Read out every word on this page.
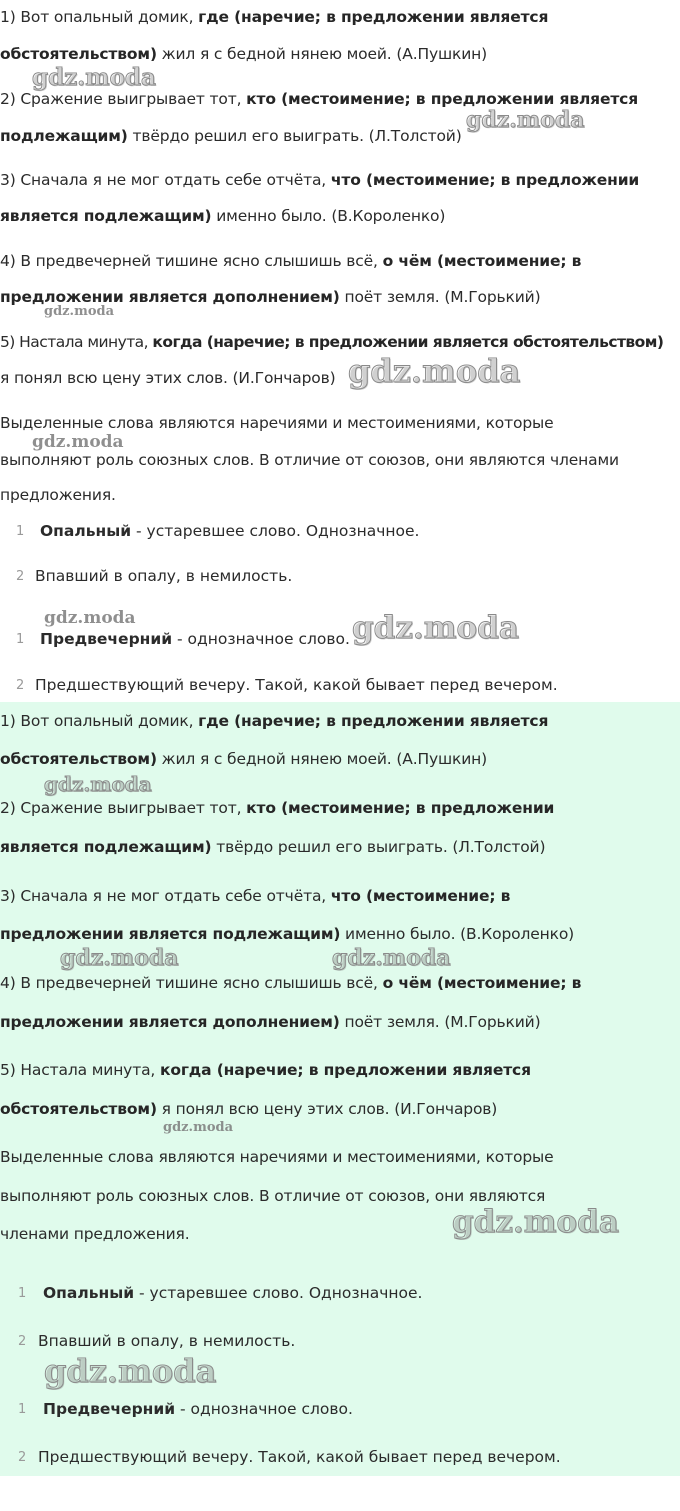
1) Вот опальный домик, где (наречие; в предложении является
обстоятельством) жил я с бедной нянею моей. (А.Пушкин)
2) Сражение выигрывает тот, кто (местоимение; в предложении является
подлежащим) твёрдо решил его выиграть. (Л.Толстой)
3) Сначала я не мог отдать себе отчёта, что (местоимение; в предложении
является подлежащим) именно было. (В.Короленко)
4) В предвечерней тишине ясно слышишь всё, о чём (местоимение; в
предложении является дополнением) поёт земля. (М.Горький)
5) Настала минута, когда (наречие; в предложении является обстоятельством)
я понял всю цену этих слов. (И.Гончаров)
Выделенные слова являются наречиями и местоимениями, которые
выполняют роль союзных слов. В отличие от союзов, они являются членами
предложения.
1 Опальный - устаревшее слово. Однозначное.
2 Впавший в опалу, в немилость.
1 Предвечерний - однозначное слово.
2 Предшествующий вечеру. Такой, какой бывает перед вечером.
gdz.moda
gdz.moda
gdz.moda
gdz.moda
gdz.moda
gdz.moda	gdz.moda
1) Вот опальный домик, где (наречие; в предложении является
обстоятельством) жил я с бедной нянею моей. (А.Пушкин)
2) Сражение выигрывает тот, кто (местоимение; в предложении
является подлежащим) твёрдо решил его выиграть. (Л.Толстой)
3) Сначала я не мог отдать себе отчёта, что (местоимение; в
предложении является подлежащим) именно было. (В.Короленко)
4) В предвечерней тишине ясно слышишь всё, о чём (местоимение; в
предложении является дополнением) поёт земля. (М.Горький)
5) Настала минута, когда (наречие; в предложении является
обстоятельством) я понял всю цену этих слов. (И.Гончаров)
Выделенные слова являются наречиями и местоимениями, которые
выполняют роль союзных слов. В отличие от союзов, они являются
членами предложения.
1 Опальный - устаревшее слово. Однозначное.
2 Впавший в опалу, в немилость.
1 Предвечерний - однозначное слово.
2 Предшествующий вечеру. Такой, какой бывает перед вечером.
gdz.moda
gdz.moda	gdz.moda
gdz.moda
gdz.moda
gdz.moda
